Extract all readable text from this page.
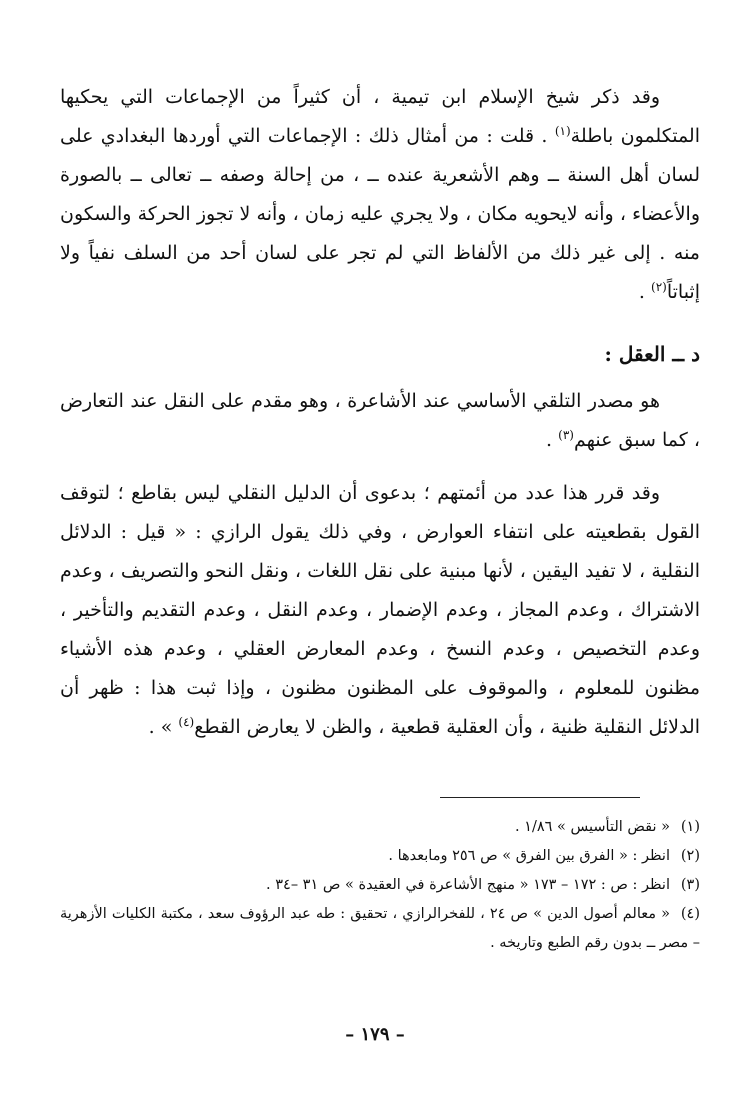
وقد ذكر شيخ الإسلام ابن تيمية ، أن كثيراً من الإجماعات التي يحكيها المتكلمون باطلة$^{(١)}$ . قلت : من أمثال ذلك : الإجماعات التي أوردها البغدادي على لسان أهل السنة ــ وهم الأشعرية عنده ــ ، من إحالة وصفه ــ تعالى ــ بالصورة والأعضاء ، وأنه لايحويه مكان ، ولا يجري عليه زمان ، وأنه لا تجوز الحركة والسكون منه . إلى غير ذلك من الألفاظ التي لم تجر على لسان أحد من السلف نفياً ولا إثباتاً$^{(٢)}$ .

د ــ العقل :

هو مصدر التلقي الأساسي عند الأشاعرة ، وهو مقدم على النقل عند التعارض ، كما سبق عنهم$^{(٣)}$ .

وقد قرر هذا عدد من أئمتهم ؛ بدعوى أن الدليل النقلي ليس بقاطع ؛ لتوقف القول بقطعيته على انتفاء العوارض ، وفي ذلك يقول الرازي : « قيل : الدلائل النقلية ، لا تفيد اليقين ، لأنها مبنية على نقل اللغات ، ونقل النحو والتصريف ، وعدم الاشتراك ، وعدم المجاز ، وعدم الإضمار ، وعدم النقل ، وعدم التقديم والتأخير ، وعدم التخصيص ، وعدم النسخ ، وعدم المعارض العقلي ، وعدم هذه الأشياء مظنون للمعلوم ، والموقوف على المظنون مظنون ، وإذا ثبت هذا : ظهر أن الدلائل النقلية ظنية ، وأن العقلية قطعية ، والظن لا يعارض القطع$^{(٤)}$ » .

(١)« نقض التأسيس » ١/٨٦ .
(٢)انظر : « الفرق بين الفرق » ص ٢٥٦ ومابعدها .
(٣)انظر : ص : ١٧٢ – ١٧٣ « منهج الأشاعرة في العقيدة » ص ٣١ –٣٤ .
(٤)« معالم أصول الدين » ص ٢٤ ، للفخرالرازي ، تحقيق : طه عبد الرؤوف سعد ، مكتبة الكليات الأزهرية – مصر ــ بدون رقم الطبع وتاريخه .
– ١٧٩ –
